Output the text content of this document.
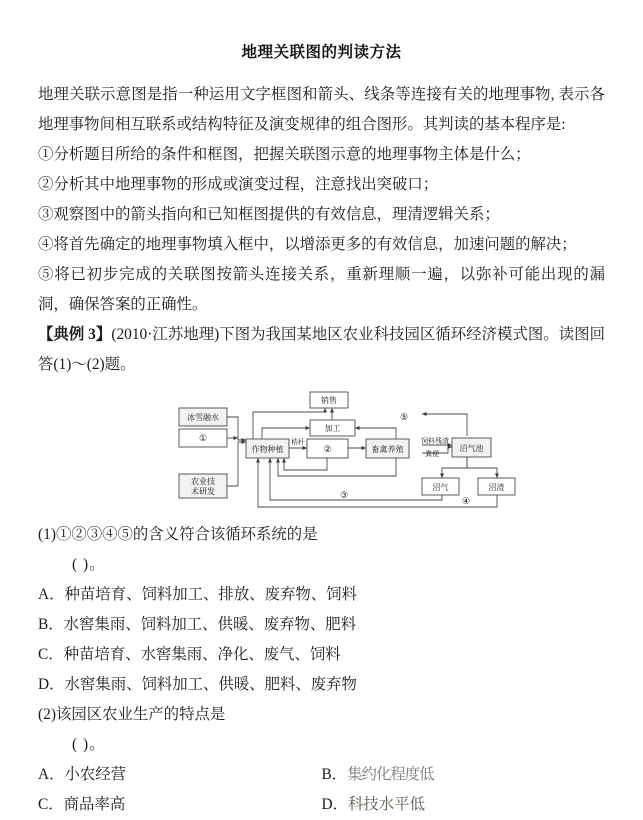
地理关联图的判读方法

地理关联示意图是指一种运用文字框图和箭头、线条等连接有关的地理事物, 表示各地理事物间相互联系或结构特征及演变规律的组合图形。其判读的基本程序是:

①分析题目所给的条件和框图，把握关联图示意的地理事物主体是什么；

②分析其中地理事物的形成或演变过程，注意找出突破口；

③观察图中的箭头指向和已知框图提供的有效信息，理清逻辑关系；

④将首先确定的地理事物填入框中，以增添更多的有效信息，加速问题的解决；

⑤将已初步完成的关联图按箭头连接关系，重新理顺一遍，以弥补可能出现的漏洞，确保答案的正确性。

【典例 3】(2010·江苏地理)下图为我国某地区农业科技园区循环经济模式图。读图回答(1)～(2)题。

冰雪融水
①
农业技
术研发
作物种植	②	畜禽养殖
加工
销售
沼气池
沼气	沼渣
秸秆	饲料残渣
粪便
⑤
③
④

(1)①②③④⑤的含义符合该循环系统的是

( )。

A．种苗培育、饲料加工、排放、废弃物、饲料

B．水窖集雨、饲料加工、供暖、废弃物、肥料

C．种苗培育、水窖集雨、净化、废气、饲料

D．水窖集雨、饲料加工、供暖、肥料、废弃物

(2)该园区农业生产的特点是

( )。

A．小农经营	B．集约化程度低
C．商品率高	D．科技水平低
